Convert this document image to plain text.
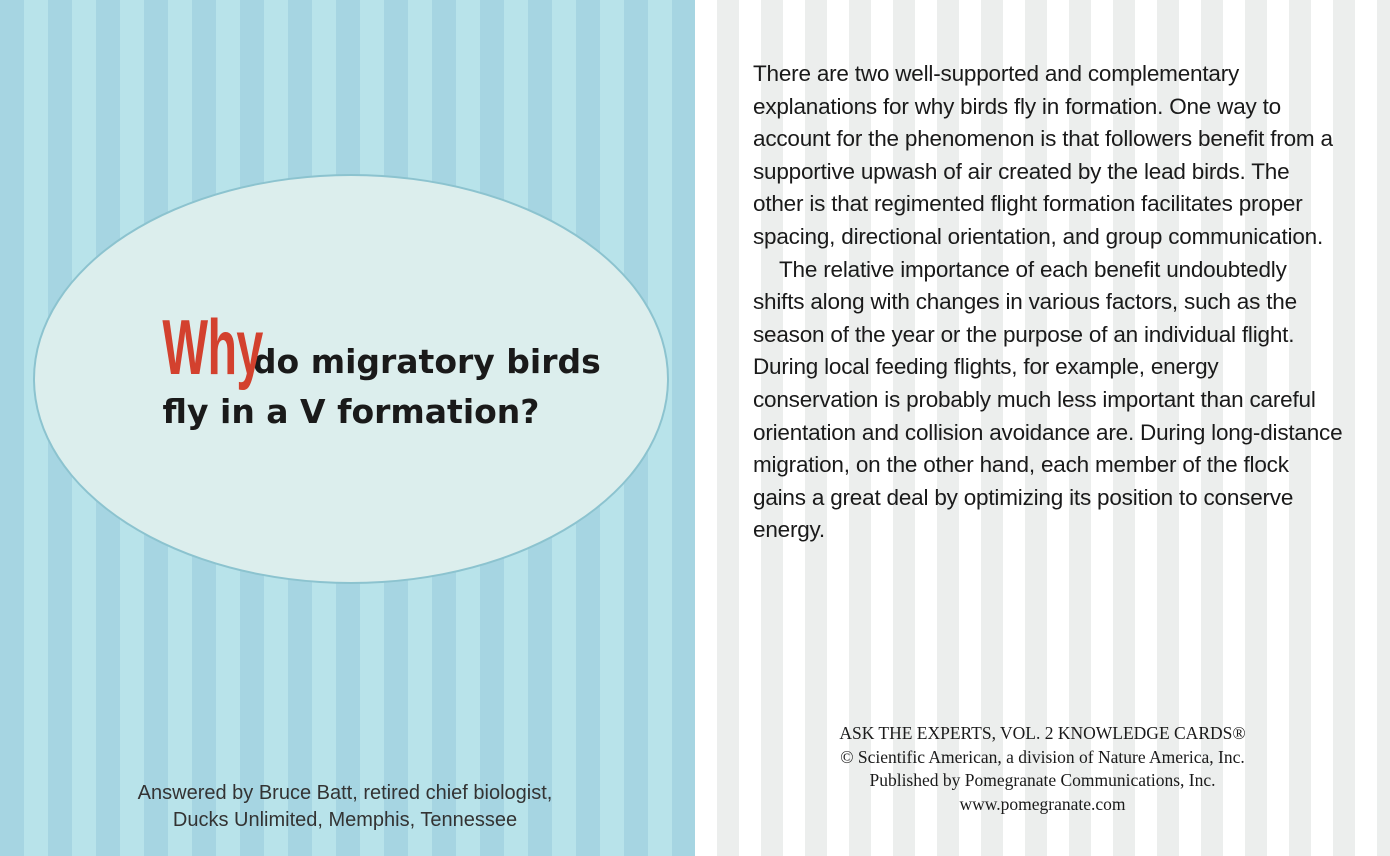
Why
do migratory birds
fly in a V formation?
Answered by Bruce Batt, retired chief biologist,
Ducks Unlimited, Memphis, Tennessee

There are two well-supported and complementary explanations for why birds fly in formation. One way to account for the phenomenon is that followers benefit from a supportive upwash of air created by the lead birds. The other is that regimented flight formation facilitates proper spacing, directional orientation, and group communication.

The relative importance of each benefit undoubtedly shifts along with changes in various factors, such as the season of the year or the purpose of an individual flight. During local feeding flights, for example, energy conservation is probably much less important than careful orientation and collision avoidance are. During long-distance migration, on the other hand, each member of the flock gains a great deal by optimizing its position to conserve energy.

ASK THE EXPERTS, VOL. 2 KNOWLEDGE CARDS®
© Scientific American, a division of Nature America, Inc.
Published by Pomegranate Communications, Inc.
www.pomegranate.com
